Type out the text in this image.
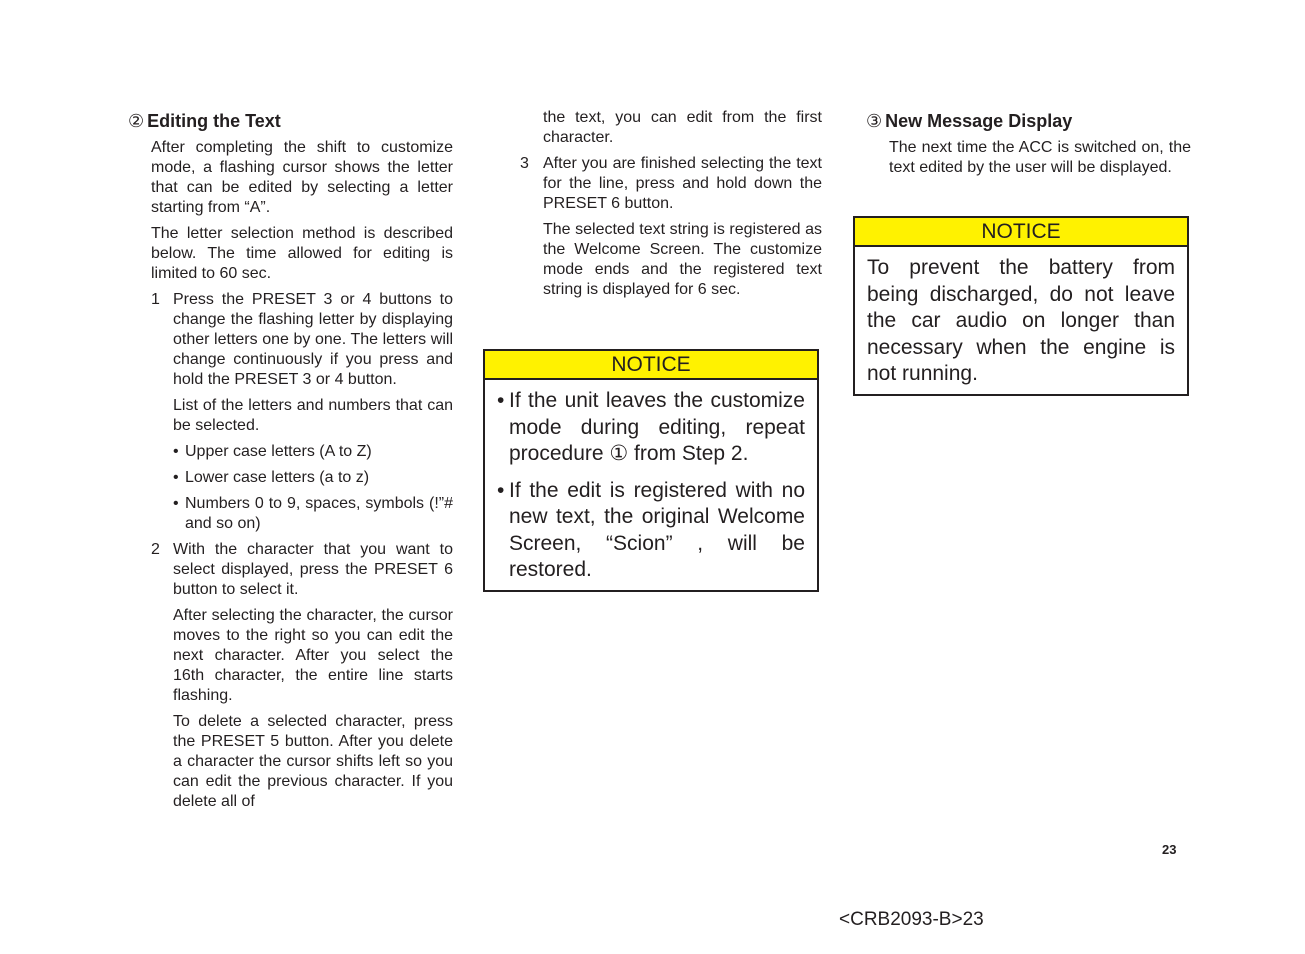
② Editing the Text

After completing the shift to customize mode, a flashing cursor shows the letter that can be edited by selecting a letter starting from “A”.

The letter selection method is described below. The time allowed for editing is limited to 60 sec.

1 Press the PRESET 3 or 4 buttons to change the flashing letter by displaying other letters one by one. The letters will change continuously if you press and hold the PRESET 3 or 4 button.

List of the letters and numbers that can be selected.

• Upper case letters (A to Z)
• Lower case letters (a to z)
• Numbers 0 to 9, spaces, symbols (!”# and so on)
2 With the character that you want to select displayed, press the PRESET 6 button to select it.

After selecting the character, the cursor moves to the right so you can edit the next character. After you select the 16th character, the entire line starts flashing.

To delete a selected character, press the PRESET 5 button. After you delete a character the cursor shifts left so you can edit the previous character. If you delete all of

the text, you can edit from the first character.

3 After you are finished selecting the text for the line, press and hold down the PRESET 6 button.

The selected text string is registered as the Welcome Screen. The customize mode ends and the registered text string is displayed for 6 sec.

NOTICE
• If the unit leaves the customize mode during editing, repeat procedure ① from Step 2.
• If the edit is registered with no new text, the original Welcome Screen, “Scion” , will be restored.
③ New Message Display

The next time the ACC is switched on, the text edited by the user will be displayed.

NOTICE

To prevent the battery from being discharged, do not leave the car audio on longer than necessary when the engine is not running.

23
<CRB2093-B>23
